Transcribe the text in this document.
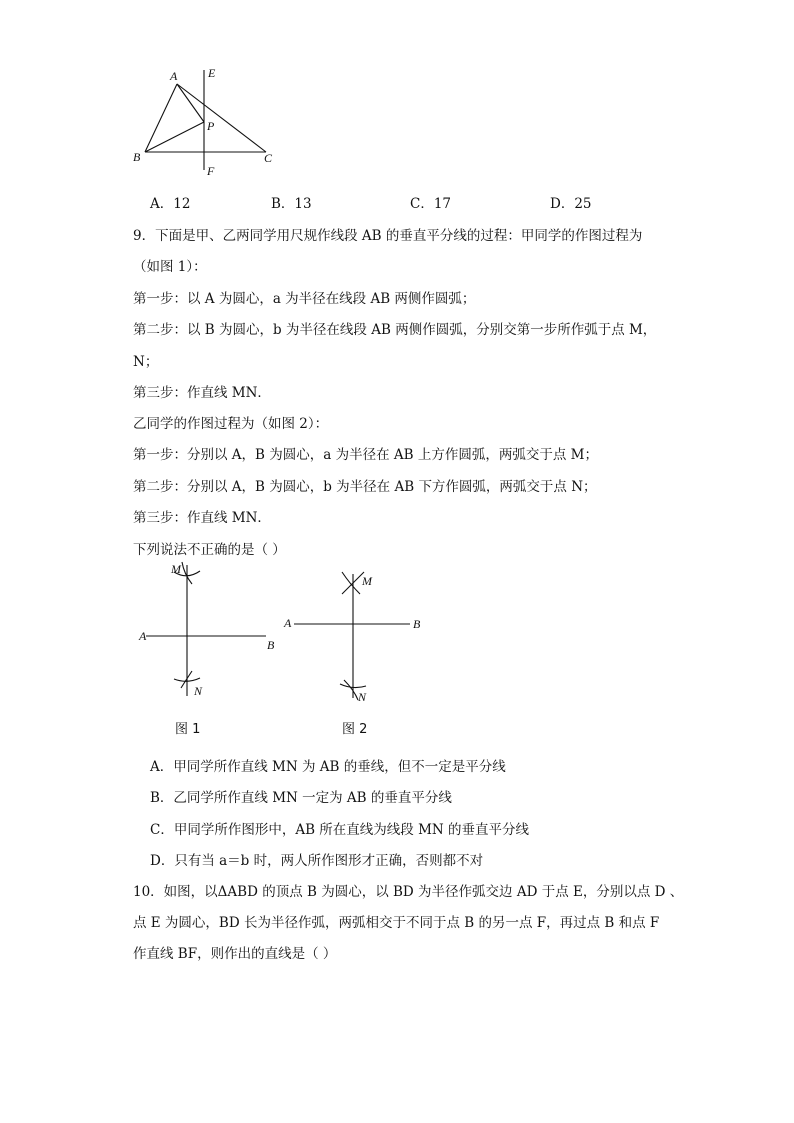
A	E
P
B	C
F
A．12	B．13	C．17	D．25
9．下面是甲、乙两同学用尺规作线段 AB 的垂直平分线的过程：甲同学的作图过程为
（如图 1）：
第一步：以 A 为圆心，a 为半径在线段 AB 两侧作圆弧；
第二步：以 B 为圆心，b 为半径在线段 AB 两侧作圆弧，分别交第一步所作弧于点 M，
N；
第三步：作直线 MN．
乙同学的作图过程为（如图 2）：
第一步：分别以 A，B 为圆心，a 为半径在 AB 上方作圆弧，两弧交于点 M；
第二步：分别以 A，B 为圆心，b 为半径在 AB 下方作圆弧，两弧交于点 N；
第三步：作直线 MN．
下列说法不正确的是（ ）
M
A
B
N
图 1
M
A	B
N
图 2
A．甲同学所作直线 MN 为 AB 的垂线，但不一定是平分线
B．乙同学所作直线 MN 一定为 AB 的垂直平分线
C．甲同学所作图形中，AB 所在直线为线段 MN 的垂直平分线
D．只有当 a＝b 时，两人所作图形才正确，否则都不对
10．如图，以ΔABD 的顶点 B 为圆心，以 BD 为半径作弧交边 AD 于点 E，分别以点 D 、
点 E 为圆心，BD 长为半径作弧，两弧相交于不同于点 B 的另一点 F，再过点 B 和点 F
作直线 BF，则作出的直线是（ ）
